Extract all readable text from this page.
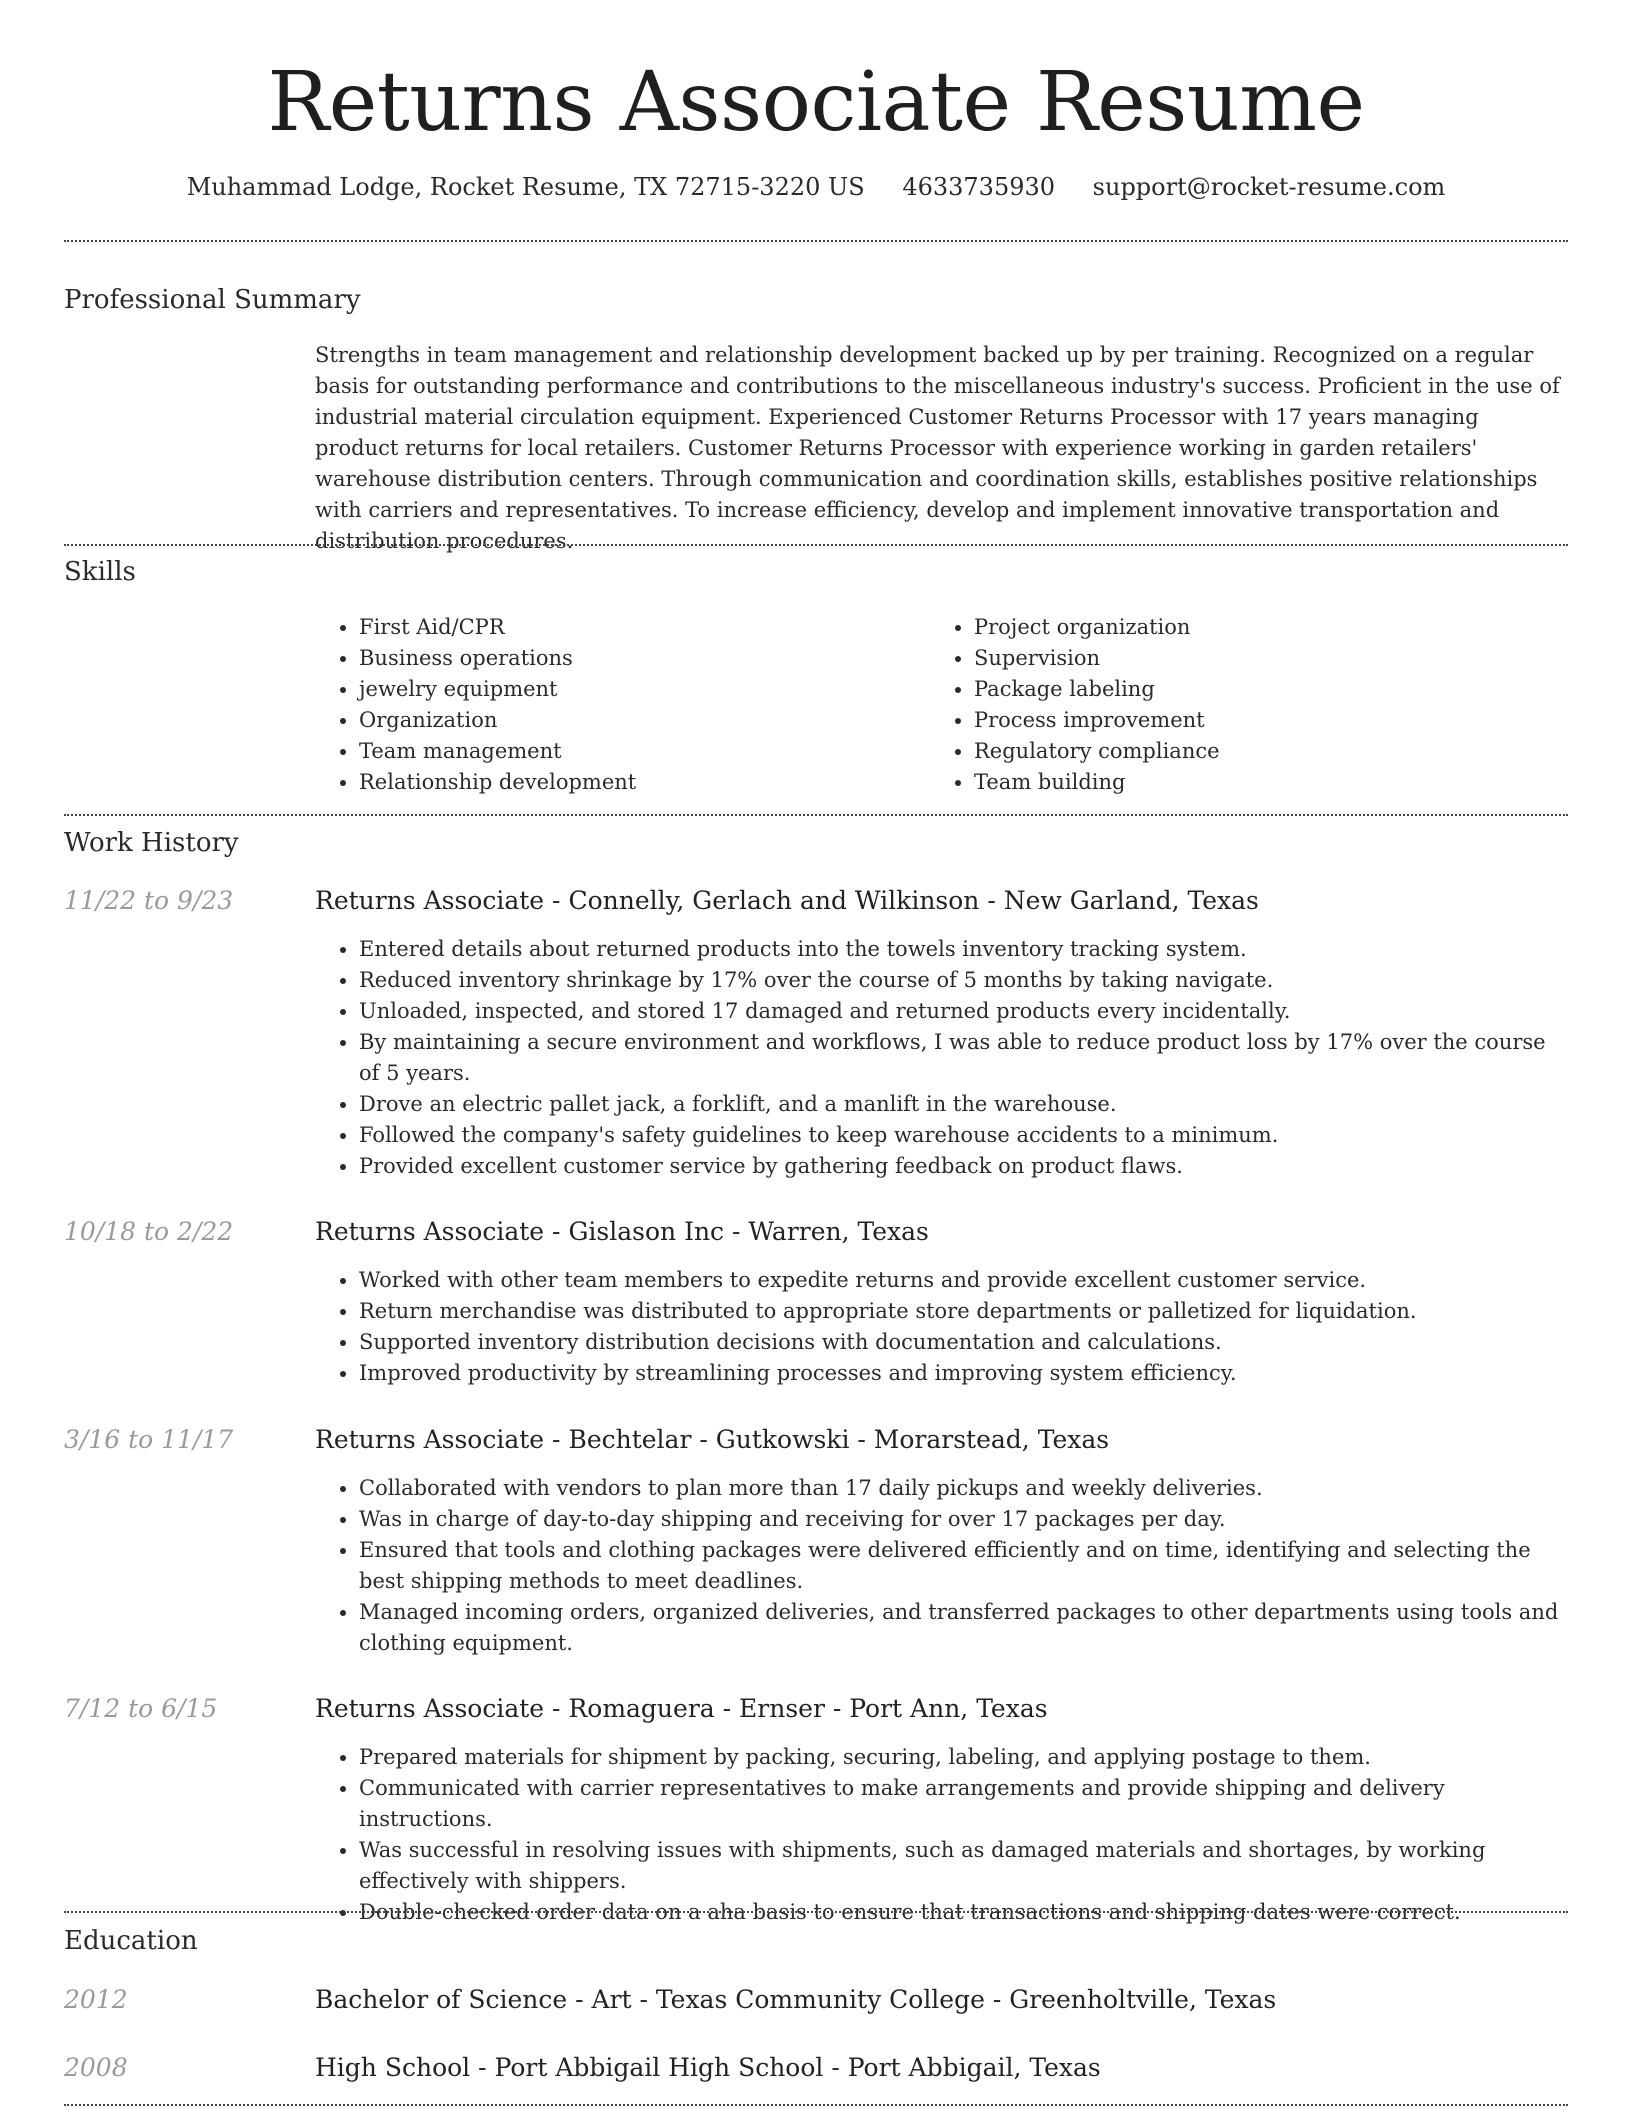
Returns Associate Resume
Muhammad Lodge, Rocket Resume, TX 72715-3220 US 4633735930 support@rocket-resume.com
Professional Summary

Strengths in team management and relationship development backed up by per training. Recognized on a regular basis for outstanding performance and contributions to the miscellaneous industry's success. Proficient in the use of industrial material circulation equipment. Experienced Customer Returns Processor with 17 years managing product returns for local retailers. Customer Returns Processor with experience working in garden retailers' warehouse distribution centers. Through communication and coordination skills, establishes positive relationships with carriers and representatives. To increase efficiency, develop and implement innovative transportation and distribution procedures.

Skills
• First Aid/CPR
• Business operations
• jewelry equipment
• Organization
• Team management
• Relationship development
• Project organization
• Supervision
• Package labeling
• Process improvement
• Regulatory compliance
• Team building
Work History
11/22 to 9/23	Returns Associate - Connelly, Gerlach and Wilkinson - New Garland, Texas
• Entered details about returned products into the towels inventory tracking system.
• Reduced inventory shrinkage by 17% over the course of 5 months by taking navigate.
• Unloaded, inspected, and stored 17 damaged and returned products every incidentally.
• By maintaining a secure environment and workflows, I was able to reduce product loss by 17% over the course of 5 years.
• Drove an electric pallet jack, a forklift, and a manlift in the warehouse.
• Followed the company's safety guidelines to keep warehouse accidents to a minimum.
• Provided excellent customer service by gathering feedback on product flaws.
10/18 to 2/22	Returns Associate - Gislason Inc - Warren, Texas
• Worked with other team members to expedite returns and provide excellent customer service.
• Return merchandise was distributed to appropriate store departments or palletized for liquidation.
• Supported inventory distribution decisions with documentation and calculations.
• Improved productivity by streamlining processes and improving system efficiency.
3/16 to 11/17	Returns Associate - Bechtelar - Gutkowski - Morarstead, Texas
• Collaborated with vendors to plan more than 17 daily pickups and weekly deliveries.
• Was in charge of day-to-day shipping and receiving for over 17 packages per day.
• Ensured that tools and clothing packages were delivered efficiently and on time, identifying and selecting the best shipping methods to meet deadlines.
• Managed incoming orders, organized deliveries, and transferred packages to other departments using tools and clothing equipment.
7/12 to 6/15	Returns Associate - Romaguera - Ernser - Port Ann, Texas
• Prepared materials for shipment by packing, securing, labeling, and applying postage to them.
• Communicated with carrier representatives to make arrangements and provide shipping and delivery instructions.
• Was successful in resolving issues with shipments, such as damaged materials and shortages, by working effectively with shippers.
• Double-checked order data on a aha basis to ensure that transactions and shipping dates were correct.
Education
2012	Bachelor of Science - Art - Texas Community College - Greenholtville, Texas
2008	High School - Port Abbigail High School - Port Abbigail, Texas
